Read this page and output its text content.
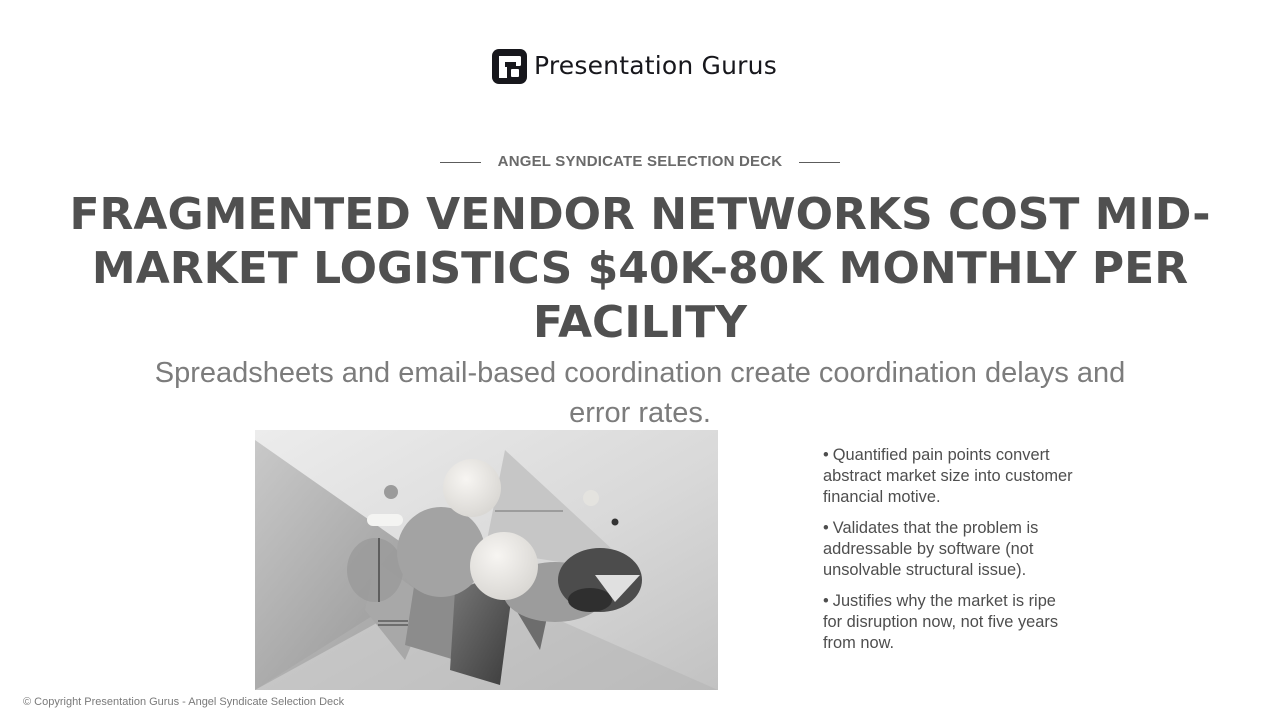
Presentation Gurus
ANGEL SYNDICATE SELECTION DECK
FRAGMENTED VENDOR NETWORKS COST MID-MARKET LOGISTICS $40K-80K MONTHLY PER FACILITY

Spreadsheets and email-based coordination create coordination delays and error rates.

• Quantified pain points convert abstract market size into customer financial motive.
• Validates that the problem is addressable by software (not unsolvable structural issue).
• Justifies why the market is ripe for disruption now, not five years from now.
© Copyright Presentation Gurus - Angel Syndicate Selection Deck
